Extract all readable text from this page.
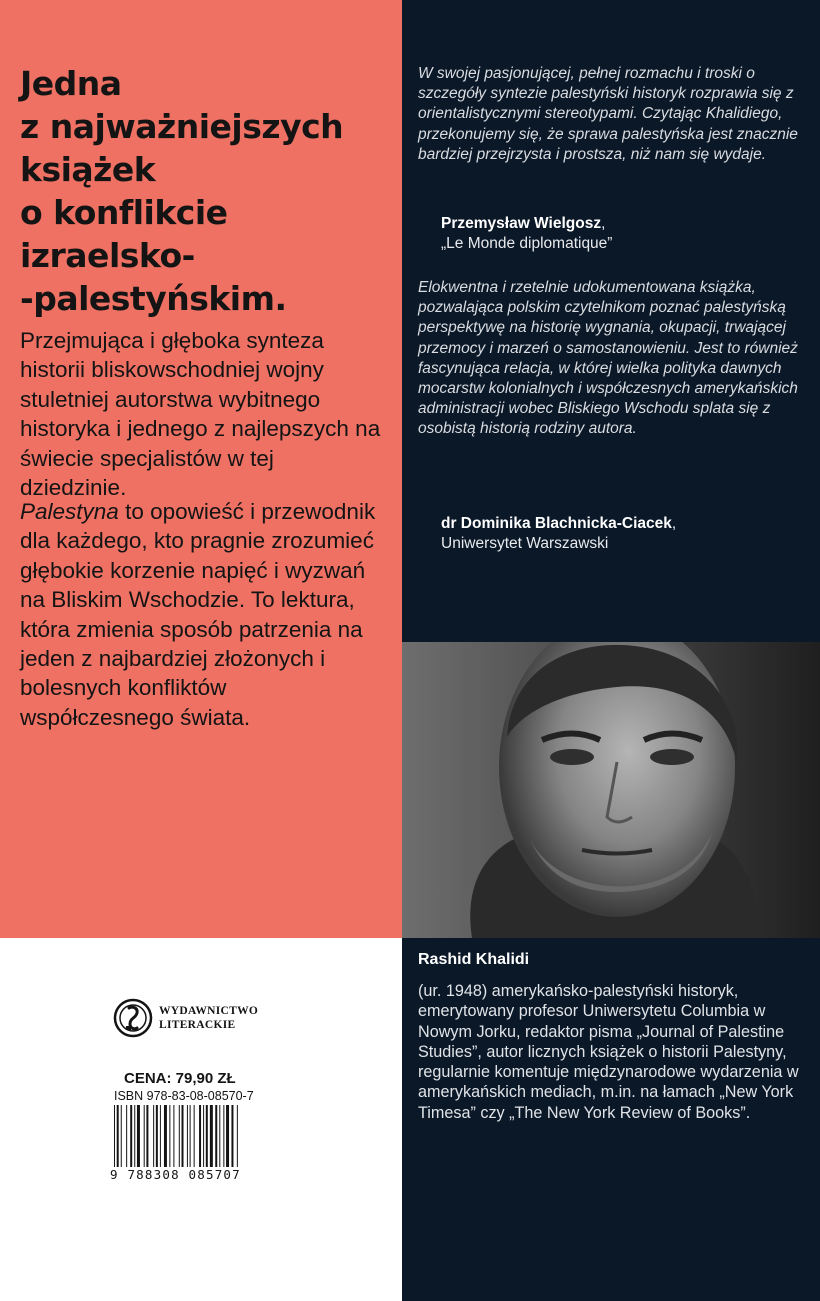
Jedna
z najważniejszych
książek
o konflikcie
izraelsko-
-palestyńskim.

Przejmująca i głęboka synteza historii bliskowschodniej wojny stuletniej autorstwa wybitnego historyka i jednego z najlepszych na świecie specjalistów w tej dziedzinie.

Palestyna to opowieść i przewodnik dla każdego, kto pragnie zrozumieć głębokie korzenie napięć i wyzwań na Bliskim Wschodzie. To lektura, która zmienia sposób patrzenia na jeden z najbardziej złożonych i bolesnych konfliktów współczesnego świata.

W swojej pasjonującej, pełnej rozmachu i troski o szczegóły syntezie palestyński historyk rozprawia się z orientalistycznymi stereotypami. Czytając Khalidiego, przekonujemy się, że sprawa palestyńska jest znacznie bardziej przejrzysta i prostsza, niż nam się wydaje.

Przemysław Wielgosz,
„Le Monde diplomatique”

Elokwentna i rzetelnie udokumentowana książka, pozwalająca polskim czytelnikom poznać palestyńską perspektywę na historię wygnania, okupacji, trwającej przemocy i marzeń o samostanowieniu. Jest to również fascynująca relacja, w której wielka polityka dawnych mocarstw kolonialnych i współczesnych amerykańskich administracji wobec Bliskiego Wschodu splata się z osobistą historią rodziny autora.

dr Dominika Blachnicka-Ciacek,
Uniwersytet Warszawski
Rashid Khalidi

(ur. 1948) amerykańsko-palestyński historyk, emerytowany profesor Uniwersytetu Columbia w Nowym Jorku, redaktor pisma „Journal of Palestine Studies”, autor licznych książek o historii Palestyny, regularnie komentuje międzynarodowe wydarzenia w amerykańskich mediach, m.in. na łamach „New York Timesa” czy „The New York Review of Books”.

WYDAWNICTWO
LITERACKIE
CENA: 79,90 ZŁ
ISBN 978-83-08-08570-7
9 788308 085707
